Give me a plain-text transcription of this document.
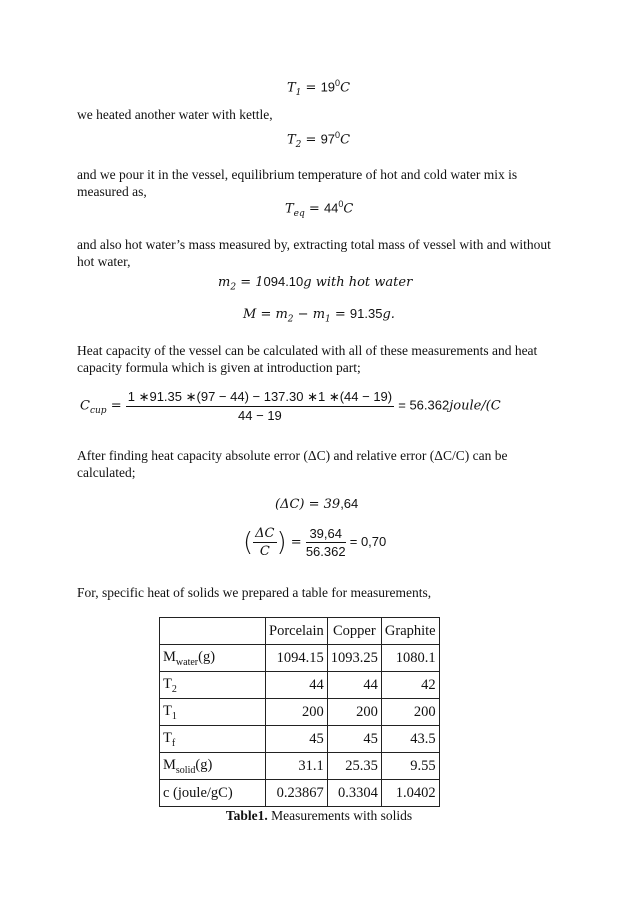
$T_1 = 19^0C$

we heated another water with kettle,

$T_2 = 97^0C$

and we pour it in the vessel, equilibrium temperature of hot and cold water mix is measured as,

$T_{eq} = 44^0C$

and also hot water’s mass measured by, extracting total mass of vessel with and without hot water,

$m_2 = 1094.10g$ with hot water
$M = m_2 - m_1 = 91.35g$.

Heat capacity of the vessel can be calculated with all of these measurements and heat capacity formula which is given at introduction part;

$C_{cup} = \frac{1 ∗91.35 ∗(97 - 44) - 137.30 ∗1 ∗(44 - 19)}{44 - 19}$ = 56.362joule/(C

After finding heat capacity absolute error (ΔC) and relative error (ΔC/C) can be calculated;

(ΔC) = 39,64
( $\frac{\Delta C}{C}$ ) = $\frac{39,64}{56.362} = 0,70$

For, specific heat of solids we prepared a table for measurements,

	Porcelain	Copper	Graphite
$M_{water}(g)$	1094.15	1093.25	1080.1
$T_2$	44	44	42
$T_1$	200	200	200
$T_f$	45	45	43.5
$M_{solid}(g)$	31.1	25.35	9.55
c (joule/gC)	0.23867	0.3304	1.0402
Table1. Measurements with solids
